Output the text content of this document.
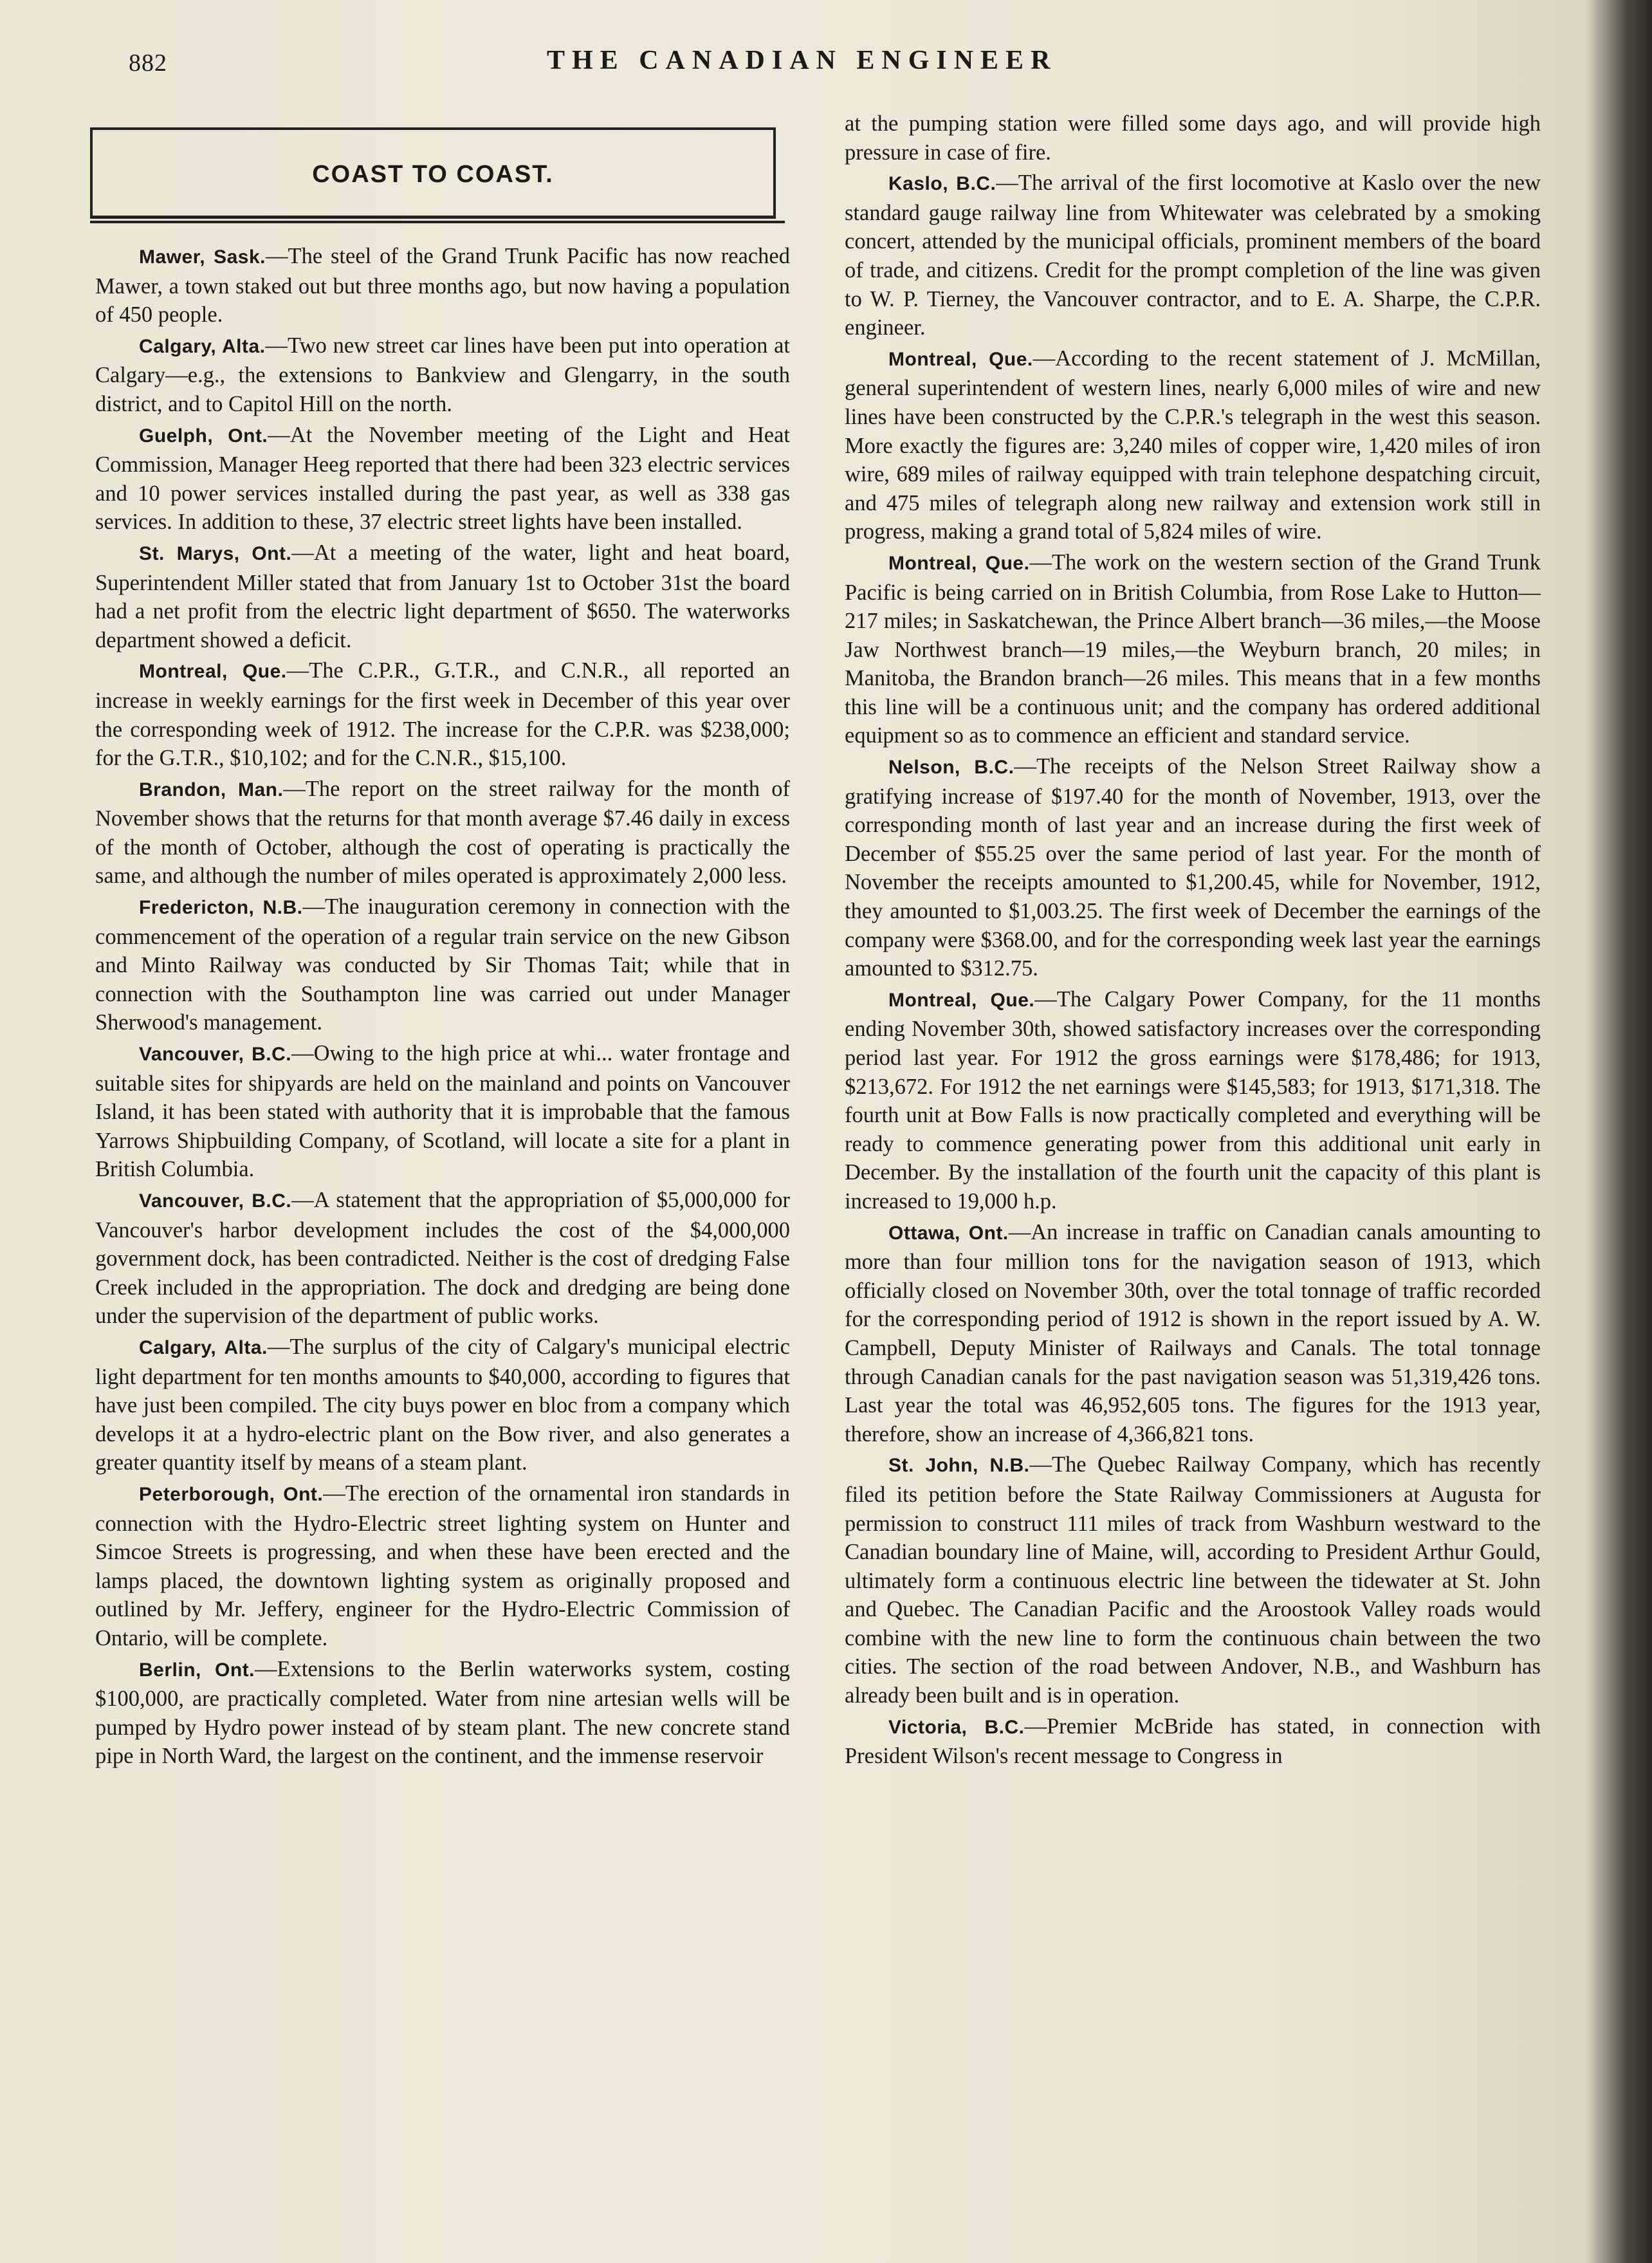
882	THE CANADIAN ENGINEER
COAST TO COAST.

Mawer, Sask.—The steel of the Grand Trunk Pacific has now reached Mawer, a town staked out but three months ago, but now having a population of 450 people.

Calgary, Alta.—Two new street car lines have been put into operation at Calgary—e.g., the extensions to Bankview and Glengarry, in the south district, and to Capitol Hill on the north.

Guelph, Ont.—At the November meeting of the Light and Heat Commission, Manager Heeg reported that there had been 323 electric services and 10 power services installed during the past year, as well as 338 gas services. In addition to these, 37 electric street lights have been installed.

St. Marys, Ont.—At a meeting of the water, light and heat board, Superintendent Miller stated that from January 1st to October 31st the board had a net profit from the electric light department of $650. The waterworks department showed a deficit.

Montreal, Que.—The C.P.R., G.T.R., and C.N.R., all reported an increase in weekly earnings for the first week in December of this year over the corresponding week of 1912. The increase for the C.P.R. was $238,000; for the G.T.R., $10,102; and for the C.N.R., $15,100.

Brandon, Man.—The report on the street railway for the month of November shows that the returns for that month average $7.46 daily in excess of the month of October, although the cost of operating is practically the same, and although the number of miles operated is approximately 2,000 less.

Fredericton, N.B.—The inauguration ceremony in connection with the commencement of the operation of a regular train service on the new Gibson and Minto Railway was conducted by Sir Thomas Tait; while that in connection with the Southampton line was carried out under Manager Sherwood's management.

Vancouver, B.C.—Owing to the high price at whi... water frontage and suitable sites for shipyards are held on the mainland and points on Vancouver Island, it has been stated with authority that it is improbable that the famous Yarrows Shipbuilding Company, of Scotland, will locate a site for a plant in British Columbia.

Vancouver, B.C.—A statement that the appropriation of $5,000,000 for Vancouver's harbor development includes the cost of the $4,000,000 government dock, has been contradicted. Neither is the cost of dredging False Creek included in the appropriation. The dock and dredging are being done under the supervision of the department of public works.

Calgary, Alta.—The surplus of the city of Calgary's municipal electric light department for ten months amounts to $40,000, according to figures that have just been compiled. The city buys power en bloc from a company which develops it at a hydro-electric plant on the Bow river, and also generates a greater quantity itself by means of a steam plant.

Peterborough, Ont.—The erection of the ornamental iron standards in connection with the Hydro-Electric street lighting system on Hunter and Simcoe Streets is progressing, and when these have been erected and the lamps placed, the downtown lighting system as originally proposed and outlined by Mr. Jeffery, engineer for the Hydro-Electric Commission of Ontario, will be complete.

Berlin, Ont.—Extensions to the Berlin waterworks system, costing $100,000, are practically completed. Water from nine artesian wells will be pumped by Hydro power instead of by steam plant. The new concrete stand pipe in North Ward, the largest on the continent, and the immense reservoir

at the pumping station were filled some days ago, and will provide high pressure in case of fire.

Kaslo, B.C.—The arrival of the first locomotive at Kaslo over the new standard gauge railway line from Whitewater was celebrated by a smoking concert, attended by the municipal officials, prominent members of the board of trade, and citizens. Credit for the prompt completion of the line was given to W. P. Tierney, the Vancouver contractor, and to E. A. Sharpe, the C.P.R. engineer.

Montreal, Que.—According to the recent statement of J. McMillan, general superintendent of western lines, nearly 6,000 miles of wire and new lines have been constructed by the C.P.R.'s telegraph in the west this season. More exactly the figures are: 3,240 miles of copper wire, 1,420 miles of iron wire, 689 miles of railway equipped with train telephone despatching circuit, and 475 miles of telegraph along new railway and extension work still in progress, making a grand total of 5,824 miles of wire.

Montreal, Que.—The work on the western section of the Grand Trunk Pacific is being carried on in British Columbia, from Rose Lake to Hutton—217 miles; in Saskatchewan, the Prince Albert branch—36 miles,—the Moose Jaw Northwest branch—19 miles,—the Weyburn branch, 20 miles; in Manitoba, the Brandon branch—26 miles. This means that in a few months this line will be a continuous unit; and the company has ordered additional equipment so as to commence an efficient and standard service.

Nelson, B.C.—The receipts of the Nelson Street Railway show a gratifying increase of $197.40 for the month of November, 1913, over the corresponding month of last year and an increase during the first week of December of $55.25 over the same period of last year. For the month of November the receipts amounted to $1,200.45, while for November, 1912, they amounted to $1,003.25. The first week of December the earnings of the company were $368.00, and for the corresponding week last year the earnings amounted to $312.75.

Montreal, Que.—The Calgary Power Company, for the 11 months ending November 30th, showed satisfactory increases over the corresponding period last year. For 1912 the gross earnings were $178,486; for 1913, $213,672. For 1912 the net earnings were $145,583; for 1913, $171,318. The fourth unit at Bow Falls is now practically completed and everything will be ready to commence generating power from this additional unit early in December. By the installation of the fourth unit the capacity of this plant is increased to 19,000 h.p.

Ottawa, Ont.—An increase in traffic on Canadian canals amounting to more than four million tons for the navigation season of 1913, which officially closed on November 30th, over the total tonnage of traffic recorded for the corresponding period of 1912 is shown in the report issued by A. W. Campbell, Deputy Minister of Railways and Canals. The total tonnage through Canadian canals for the past navigation season was 51,319,426 tons. Last year the total was 46,952,605 tons. The figures for the 1913 year, therefore, show an increase of 4,366,821 tons.

St. John, N.B.—The Quebec Railway Company, which has recently filed its petition before the State Railway Commissioners at Augusta for permission to construct 111 miles of track from Washburn westward to the Canadian boundary line of Maine, will, according to President Arthur Gould, ultimately form a continuous electric line between the tidewater at St. John and Quebec. The Canadian Pacific and the Aroostook Valley roads would combine with the new line to form the continuous chain between the two cities. The section of the road between Andover, N.B., and Washburn has already been built and is in operation.

Victoria, B.C.—Premier McBride has stated, in connection with President Wilson's recent message to Congress in
